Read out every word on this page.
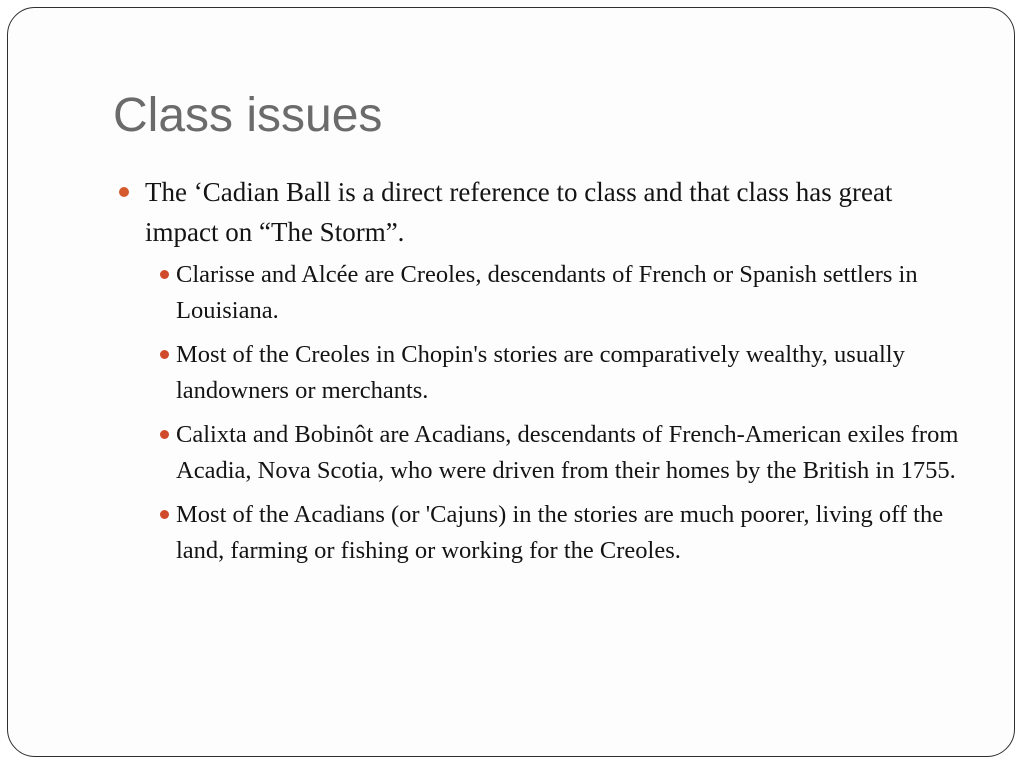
Class issues
The ‘Cadian Ball is a direct reference to class and that class has great impact on “The Storm”.
Clarisse and Alcée are Creoles, descendants of French or Spanish settlers in Louisiana.
Most of the Creoles in Chopin's stories are comparatively wealthy, usually landowners or merchants.
Calixta and Bobinôt are Acadians, descendants of French-American exiles from Acadia, Nova Scotia, who were driven from their homes by the British in 1755.
Most of the Acadians (or 'Cajuns) in the stories are much poorer, living off the land, farming or fishing or working for the Creoles.
